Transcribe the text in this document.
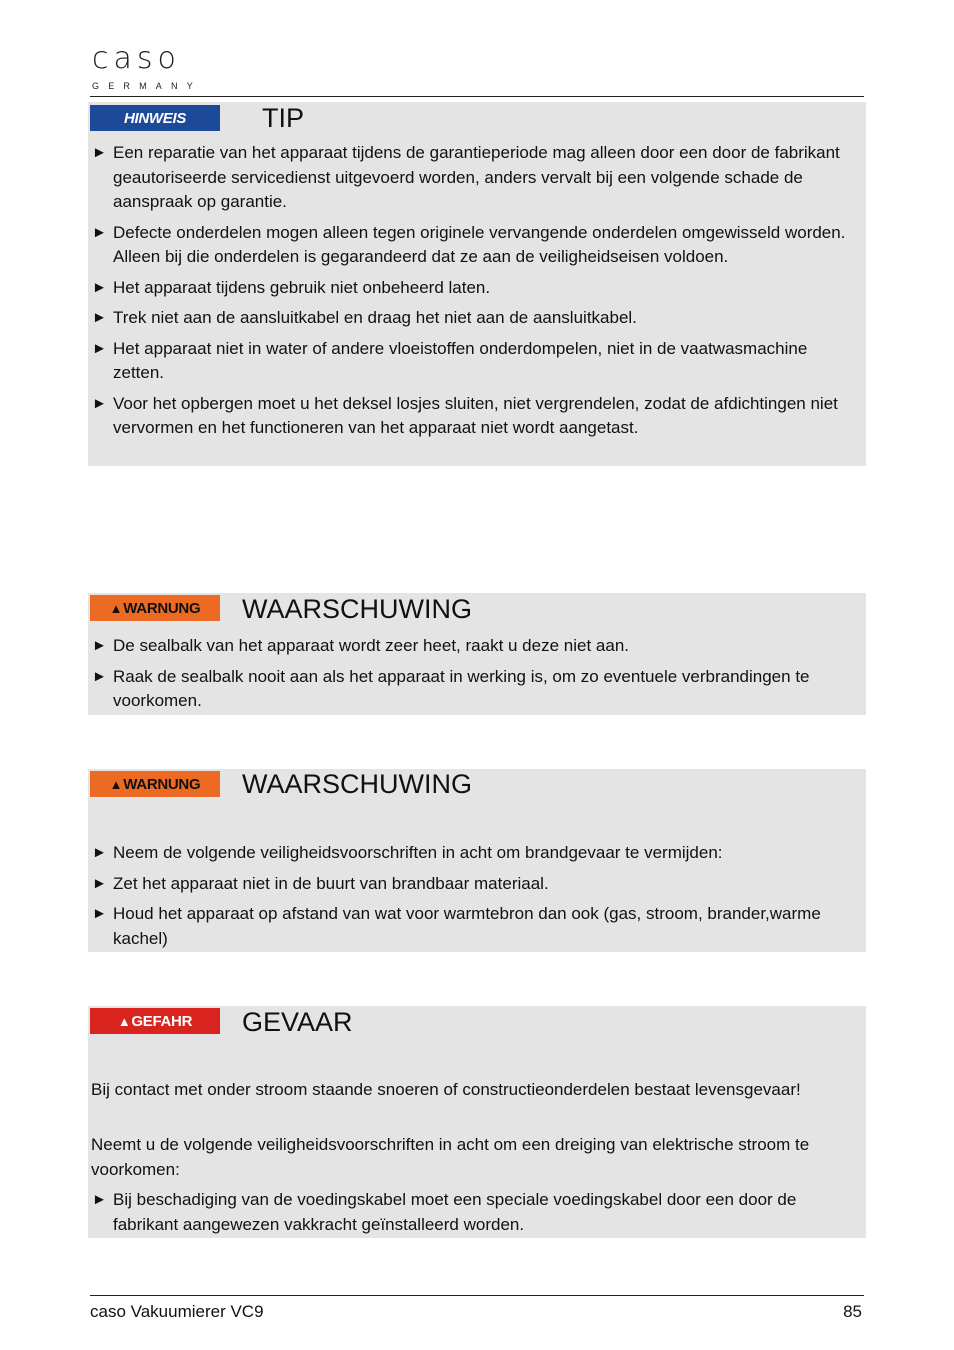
caso
GERMANY
HINWEIS	TIP
► Een reparatie van het apparaat tijdens de garantieperiode mag alleen door een door de fabrikant geautoriseerde servicedienst uitgevoerd worden, anders vervalt bij een volgende schade de aanspraak op garantie.
► Defecte onderdelen mogen alleen tegen originele vervangende onderdelen omgewisseld worden. Alleen bij die onderdelen is gegarandeerd dat ze aan de veiligheidseisen voldoen.
► Het apparaat tijdens gebruik niet onbeheerd laten.
► Trek niet aan de aansluitkabel en draag het niet aan de aansluitkabel.
► Het apparaat niet in water of andere vloeistoffen onderdompelen, niet in de vaatwasmachine zetten.
► Voor het opbergen moet u het deksel losjes sluiten, niet vergrendelen, zodat de afdichtingen niet vervormen en het functioneren van het apparaat niet wordt aangetast.
▲ WARNUNG WAARSCHUWING
► De sealbalk van het apparaat wordt zeer heet, raakt u deze niet aan.
► Raak de sealbalk nooit aan als het apparaat in werking is, om zo eventuele verbrandingen te voorkomen.
▲ WARNUNG WAARSCHUWING
► Neem de volgende veiligheidsvoorschriften in acht om brandgevaar te vermijden:
► Zet het apparaat niet in de buurt van brandbaar materiaal.
► Houd het apparaat op afstand van wat voor warmtebron dan ook (gas, stroom, brander,warme kachel)
▲ GEFAHR GEVAAR

Bij contact met onder stroom staande snoeren of constructieonderdelen bestaat levensgevaar!

Neemt u de volgende veiligheidsvoorschriften in acht om een dreiging van elektrische stroom te voorkomen:

► Bij beschadiging van de voedingskabel moet een speciale voedingskabel door een door de fabrikant aangewezen vakkracht geïnstalleerd worden.
caso Vakuumierer VC9	85
